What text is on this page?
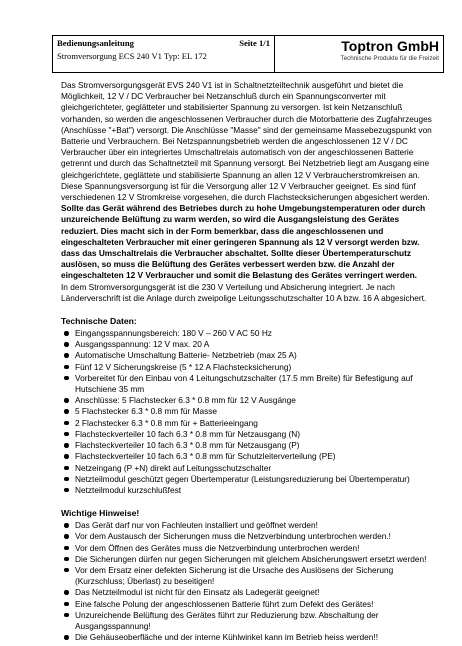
Bedienungsanleitung	Seite 1/1
Stromversorgung ECS 240 V1 Typ: EL 172
Toptron GmbH
Technische Produkte für die Freizeit

Das Stromversorgungsgerät EVS 240 V1 ist in Schaltnetzteiltechnik ausgeführt und bietet die Möglichkeit, 12 V / DC Verbraucher bei Netzanschluß durch ein Spannungsconverter mit gleichgerichteter, geglätteter und stabilisierter Spannung zu versorgen. Ist kein Netzanschluß vorhanden, so werden die angeschlossenen Verbraucher durch die Motorbatterie des Zugfahrzeuges (Anschlüsse "+Bat") versorgt. Die Anschlüsse "Masse" sind der gemeinsame Massebezugspunkt von Batterie und Verbrauchern. Bei Netzspannungsbetrieb werden die angeschlossenen 12 V / DC Verbraucher über ein integriertes Umschaltrelais automatisch von der angeschlossenen Batterie getrennt und durch das Schaltnetzteil mit Spannung versorgt. Bei Netzbetrieb liegt am Ausgang eine gleichgerichtete, geglättete und stabilisierte Spannung an allen 12 V Verbraucherstromkreisen an. Diese Spannungsversorgung ist für die Versorgung aller 12 V Verbraucher geeignet. Es sind fünf verschiedenen 12 V Stromkreise vorgesehen, die durch Flachstecksicherungen abgesichert werden.

Sollte das Gerät während des Betriebes durch zu hohe Umgebungstemperaturen oder durch unzureichende Belüftung zu warm werden, so wird die Ausgangsleistung des Gerätes reduziert. Dies macht sich in der Form bemerkbar, dass die angeschlossenen und eingeschalteten Verbraucher mit einer geringeren Spannung als 12 V versorgt werden bzw. dass das Umschaltrelais die Verbraucher abschaltet. Sollte dieser Übertemperaturschutz auslösen, so muss die Belüftung des Gerätes verbessert werden bzw. die Anzahl der eingeschalteten 12 V Verbraucher und somit die Belastung des Gerätes verringert werden.

In dem Stromversorgungsgerät ist die 230 V Verteilung und Absicherung integriert. Je nach Länderverschrift ist die Anlage durch zweipolige Leitungsschutzschalter 10 A bzw. 16 A abgesichert.

Technische Daten:
Eingangsspannungsbereich: 180 V – 260 V AC 50 Hz
Ausgangsspannung: 12 V max. 20 A
Automatische Umschaltung Batterie- Netzbetrieb (max 25 A)
Fünf 12 V Sicherungskreise (5 * 12 A Flachstecksicherung)
Vorbereitet für den Einbau von 4 Leitungschutzschalter (17.5 mm Breite) für Befestigung auf Hutschiene 35 mm
Anschlüsse: 5 Flachstecker 6.3 * 0.8 mm für 12 V Ausgänge
5 Flachstecker 6.3 * 0.8 mm für Masse
2 Flachstecker 6.3 * 0.8 mm für + Batterieeingang
Flachsteckverteiler 10 fach 6.3 * 0.8 mm für Netzausgang (N)
Flachsteckverteiler 10 fach 6.3 * 0.8 mm für Netzausgang (P)
Flachsteckverteiler 10 fach 6.3 * 0.8 mm für Schutzleiterverteilung (PE)
Netzeingang (P +N) direkt auf Leitungsschutzschalter
Netzteilmodul geschützt gegen Übertemperatur (Leistungsreduzierung bei Übertemperatur)
Netzteilmodul kurzschlußfest
Wichtige Hinweise!
Das Gerät darf nur von Fachleuten installiert und geöffnet werden!
Vor dem Austausch der Sicherungen muss die Netzverbindung unterbrochen werden.!
Vor dem Öffnen des Gerätes muss die Netzverbindung unterbrochen werden!
Die Sicherungen dürfen nur gegen Sicherungen mit gleichem Absicherungswert ersetzt werden!
Vor dem Ersatz einer defekten Sicherung ist die Ursache des Auslösens der Sicherung (Kurzschluss; Überlast) zu beseitigen!
Das Netzteilmodul ist nicht für den Einsatz als Ladegerät geeignet!
Eine falsche Polung der angeschlossenen Batterie führt zum Defekt des Gerätes!
Unzureichende Belüftung des Gerätes führt zur Reduzierung bzw. Abschaltung der Ausgangsspannung!
Die Gehäuseoberfläche und der interne Kühlwinkel kann im Betrieb heiss werden!!
